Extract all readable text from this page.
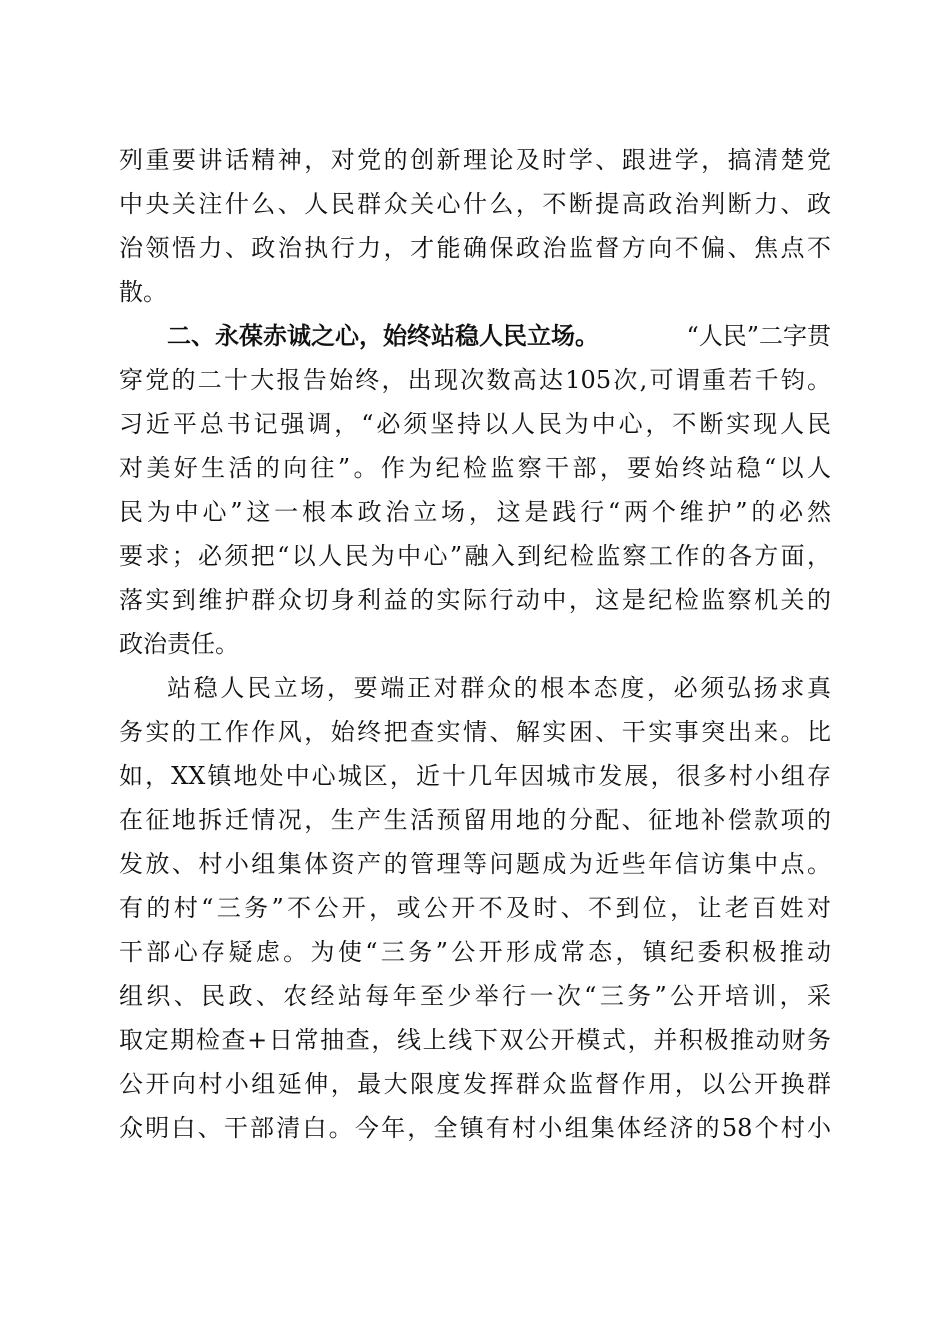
列重要讲话精神，对党的创新理论及时学、跟进学，搞清楚党
中央关注什么、人民群众关心什么，不断提高政治判断力、政
治领悟力、政治执行力，才能确保政治监督方向不偏、焦点不
散。
二、永葆赤诚之心，始终站稳人民立场。	“人民”二字贯
穿党的二十大报告始终，出现次数高达105次,可谓重若千钧。
习近平总书记强调，“必须坚持以人民为中心，不断实现人民
对美好生活的向往”。作为纪检监察干部，要始终站稳“以人
民为中心”这一根本政治立场，这是践行“两个维护”的必然
要求；必须把“以人民为中心”融入到纪检监察工作的各方面，
落实到维护群众切身利益的实际行动中，这是纪检监察机关的
政治责任。
站稳人民立场，要端正对群众的根本态度，必须弘扬求真
务实的工作作风，始终把查实情、解实困、干实事突出来。比
如，XX镇地处中心城区，近十几年因城市发展，很多村小组存
在征地拆迁情况，生产生活预留用地的分配、征地补偿款项的
发放、村小组集体资产的管理等问题成为近些年信访集中点。
有的村“三务”不公开，或公开不及时、不到位，让老百姓对
干部心存疑虑。为使“三务”公开形成常态，镇纪委积极推动
组织、民政、农经站每年至少举行一次“三务”公开培训，采
取定期检查+日常抽查，线上线下双公开模式，并积极推动财务
公开向村小组延伸，最大限度发挥群众监督作用，以公开换群
众明白、干部清白。今年，全镇有村小组集体经济的58个村小
